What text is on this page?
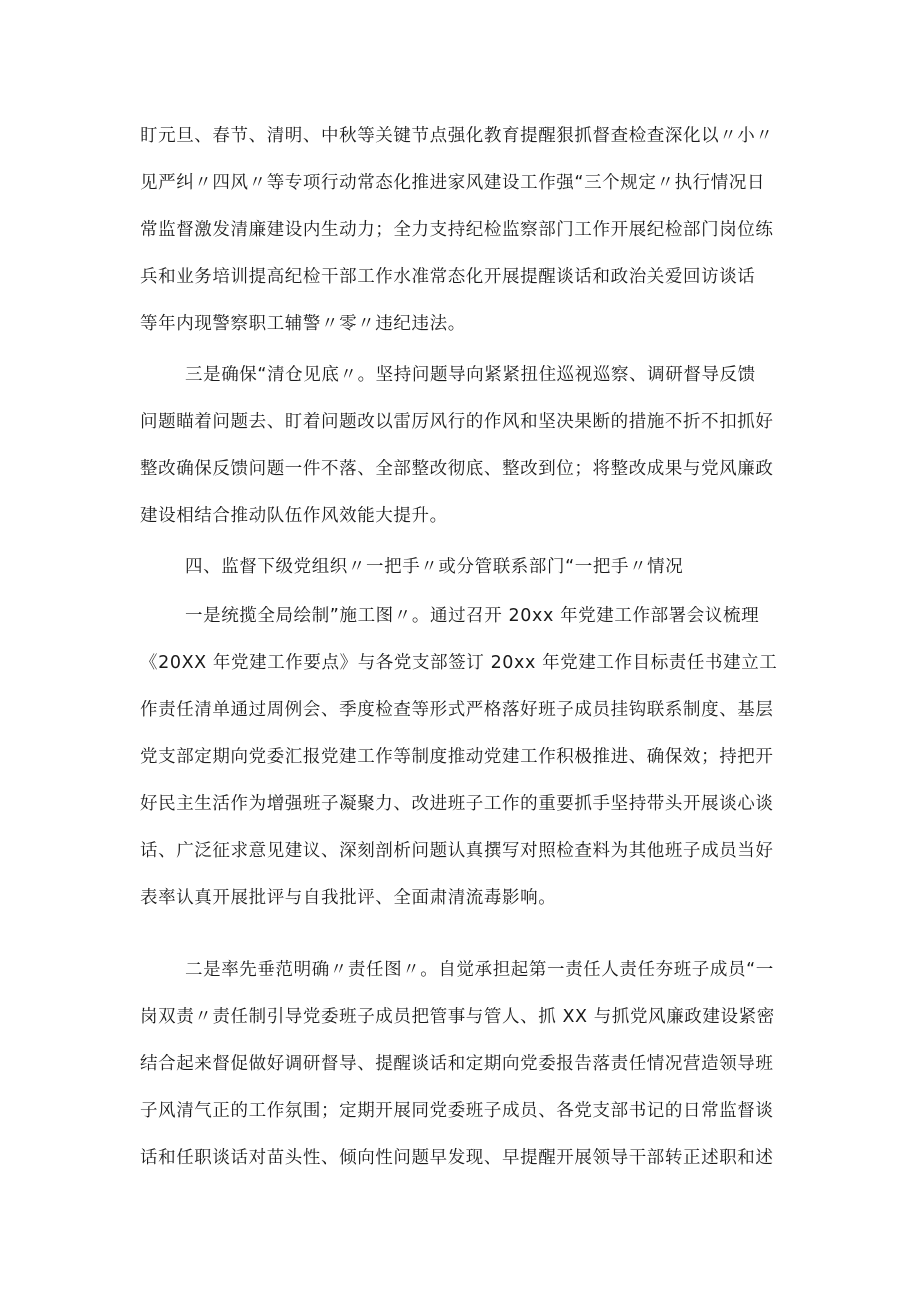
盯元旦、春节、清明、中秋等关键节点强化教育提醒狠抓督查检查深化以〃小〃
见严纠〃四风〃等专项行动常态化推进家风建设工作强“三个规定〃执行情况日
常监督激发清廉建设内生动力；全力支持纪检监察部门工作开展纪检部门岗位练
兵和业务培训提高纪检干部工作水准常态化开展提醒谈话和政治关爱回访谈话
等年内现警察职工辅警〃零〃违纪违法。
三是确保“清仓见底〃。坚持问题导向紧紧扭住巡视巡察、调研督导反馈
问题瞄着问题去、盯着问题改以雷厉风行的作风和坚决果断的措施不折不扣抓好
整改确保反馈问题一件不落、全部整改彻底、整改到位；将整改成果与党风廉政
建设相结合推动队伍作风效能大提升。
四、监督下级党组织〃一把手〃或分管联系部门“一把手〃情况
一是统揽全局绘制”施工图〃。通过召开 20xx 年党建工作部署会议梳理
《20XX 年党建工作要点》与各党支部签订 20xx 年党建工作目标责任书建立工
作责任清单通过周例会、季度检查等形式严格落好班子成员挂钩联系制度、基层
党支部定期向党委汇报党建工作等制度推动党建工作积极推进、确保效；持把开
好民主生活作为增强班子凝聚力、改进班子工作的重要抓手坚持带头开展谈心谈
话、广泛征求意见建议、深刻剖析问题认真撰写对照检查料为其他班子成员当好
表率认真开展批评与自我批评、全面肃清流毒影响。
二是率先垂范明确〃责任图〃。自觉承担起第一责任人责任夯班子成员“一
岗双责〃责任制引导党委班子成员把管事与管人、抓 XX 与抓党风廉政建设紧密
结合起来督促做好调研督导、提醒谈话和定期向党委报告落责任情况营造领导班
子风清气正的工作氛围；定期开展同党委班子成员、各党支部书记的日常监督谈
话和任职谈话对苗头性、倾向性问题早发现、早提醒开展领导干部转正述职和述
